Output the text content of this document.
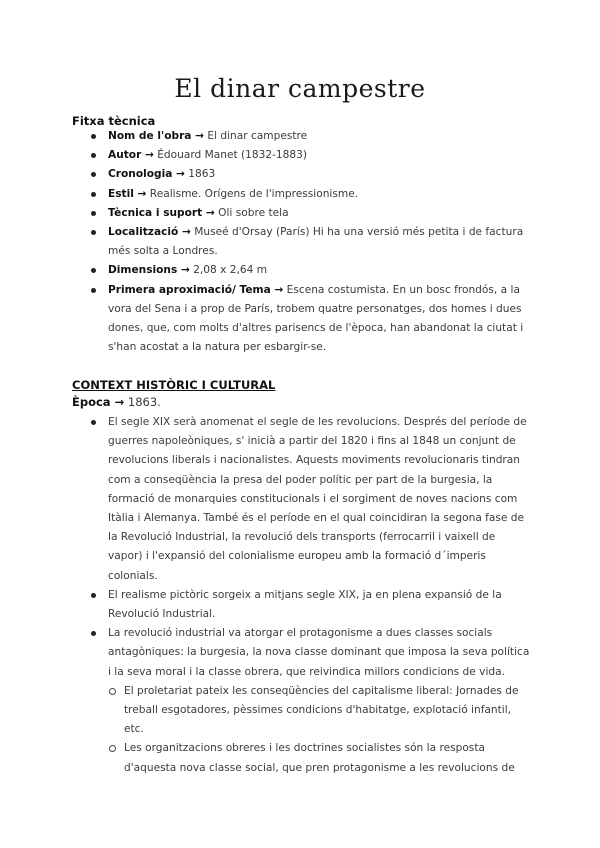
El dinar campestre
Fitxa tècnica
Nom de l'obra → El dinar campestre
Autor → Édouard Manet (1832-1883)
Cronologia → 1863
Estil → Realisme. Orígens de l'impressionisme.
Tècnica i suport → Oli sobre tela
Localització → Museé d'Orsay (París) Hi ha una versió més petita i de factura més solta a Londres.
Dimensions → 2,08 x 2,64 m
Primera aproximació/ Tema → Escena costumista. En un bosc frondós, a la vora del Sena i a prop de París, trobem quatre personatges, dos homes i dues dones, que, com molts d'altres parisencs de l'època, han abandonat la ciutat i s'han acostat a la natura per esbargir-se.
CONTEXT HISTÒRIC I CULTURAL
Època → 1863.
El segle XIX serà anomenat el segle de les revolucions. Després del període de guerres napoleòniques, s' inicià a partir del 1820 i fins al 1848 un conjunt de revolucions liberals i nacionalistes. Aquests moviments revolucionaris tindran com a conseqüència la presa del poder polític per part de la burgesia, la formació de monarquies constitucionals i el sorgiment de noves nacions com Itàlia i Alemanya. També és el període en el qual coincidiran la segona fase de la Revolució Industrial, la revolució dels transports (ferrocarril i vaixell de vapor) i l'expansió del colonialisme europeu amb la formació d´imperis colonials.
El realisme pictòric sorgeix a mitjans segle XIX, ja en plena expansió de la Revolució Industrial.
La revolució industrial va atorgar el protagonisme a dues classes socials antagòniques: la burgesia, la nova classe dominant que imposa la seva política i la seva moral i la classe obrera, que reivindica millors condicions de vida.
El proletariat pateix les conseqüències del capitalisme liberal: Jornades de treball esgotadores, pèssimes condicions d'habitatge, explotació infantil, etc.
Les organitzacions obreres i les doctrines socialistes són la resposta d'aquesta nova classe social, que pren protagonisme a les revolucions de
